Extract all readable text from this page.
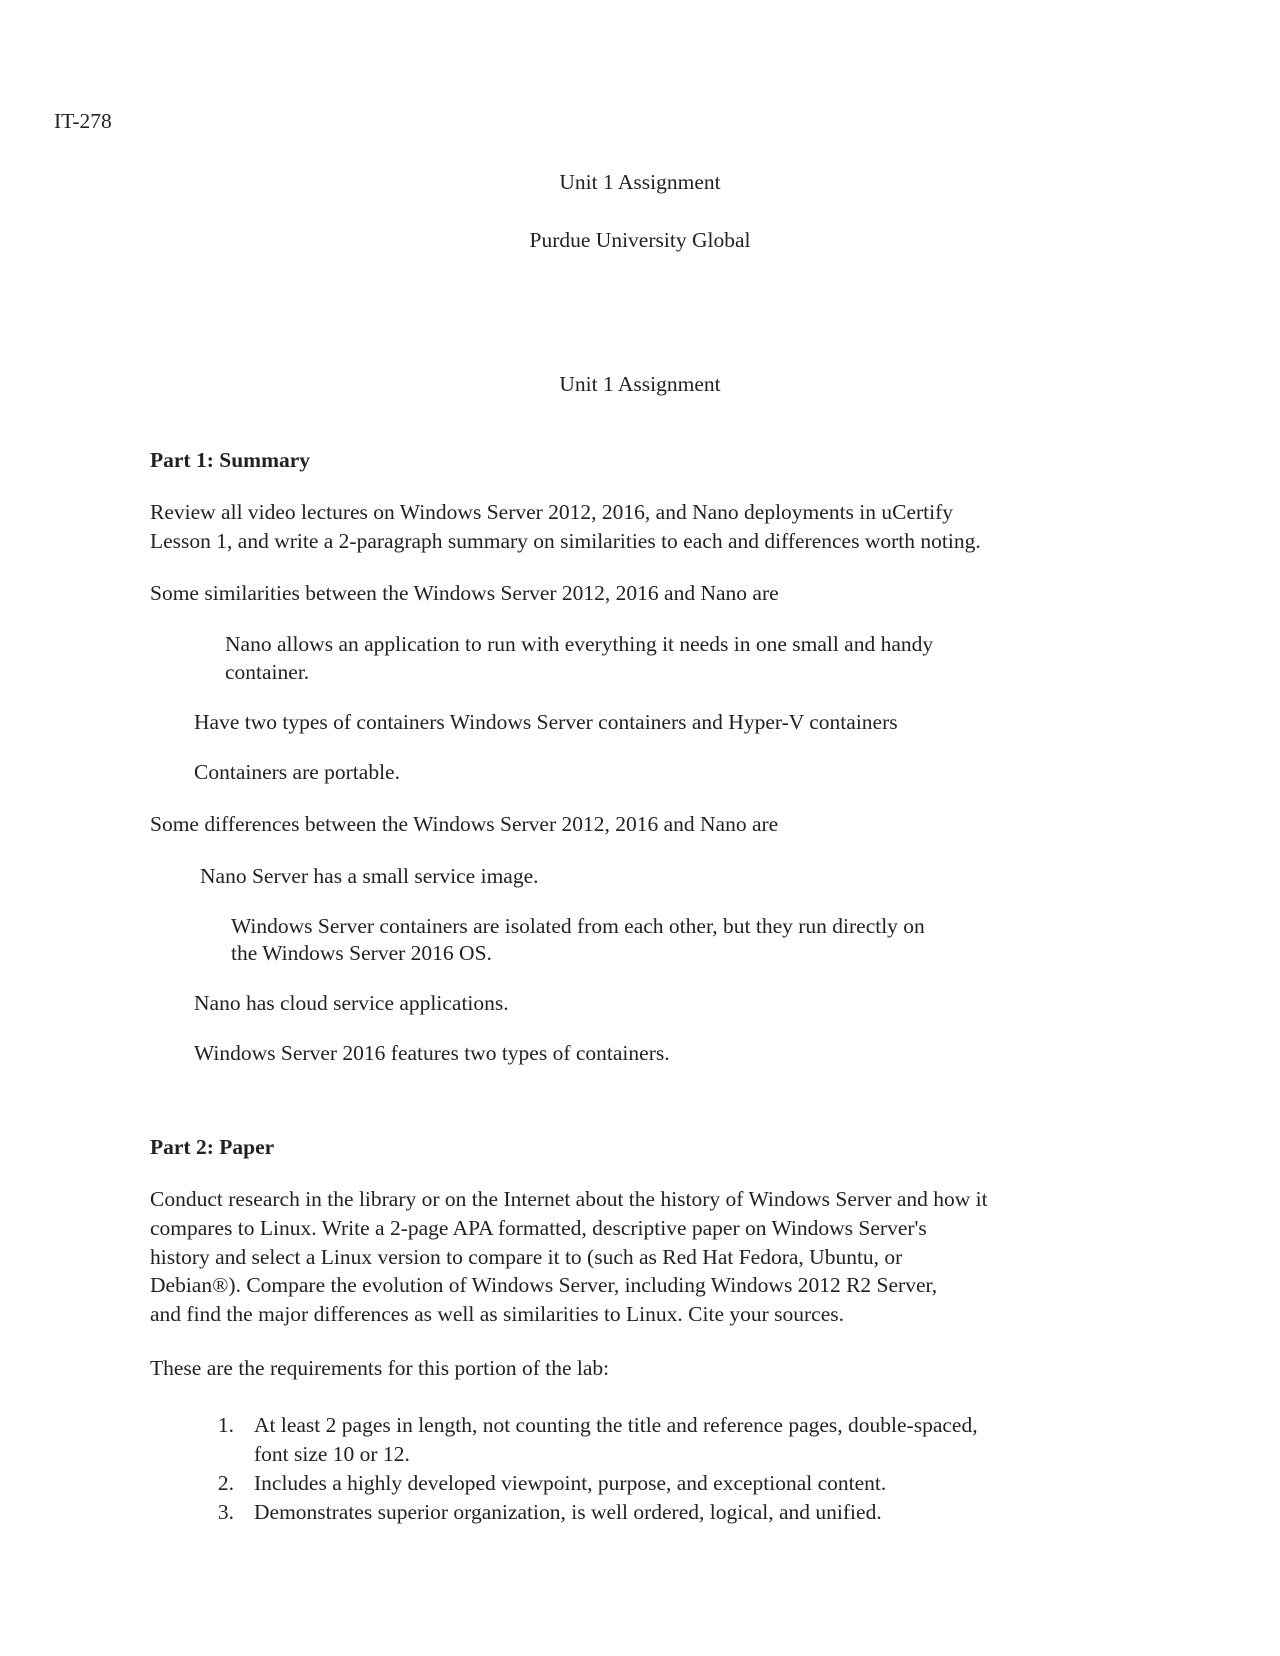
IT-278

Unit 1 Assignment

Purdue University Global

Unit 1 Assignment

Part 1: Summary

Review all video lectures on Windows Server 2012, 2016, and Nano deployments in uCertify

Lesson 1, and write a 2-paragraph summary on similarities to each and differences worth noting.

Some similarities between the Windows Server 2012, 2016 and Nano are

Nano allows an application to run with everything it needs in one small and handy

container.

Have two types of containers Windows Server containers and Hyper-V containers

Containers are portable.

Some differences between the Windows Server 2012, 2016 and Nano are

Nano Server has a small service image.

Windows Server containers are isolated from each other, but they run directly on

the Windows Server 2016 OS.

Nano has cloud service applications.

Windows Server 2016 features two types of containers.

Part 2: Paper

Conduct research in the library or on the Internet about the history of Windows Server and how it

compares to Linux. Write a 2-page APA formatted, descriptive paper on Windows Server's

history and select a Linux version to compare it to (such as Red Hat Fedora, Ubuntu, or

Debian®). Compare the evolution of Windows Server, including Windows 2012 R2 Server,

and find the major differences as well as similarities to Linux. Cite your sources.

These are the requirements for this portion of the lab:

1. At least 2 pages in length, not counting the title and reference pages, double-spaced,
font size 10 or 12.
2. Includes a highly developed viewpoint, purpose, and exceptional content.
3. Demonstrates superior organization, is well ordered, logical, and unified.
